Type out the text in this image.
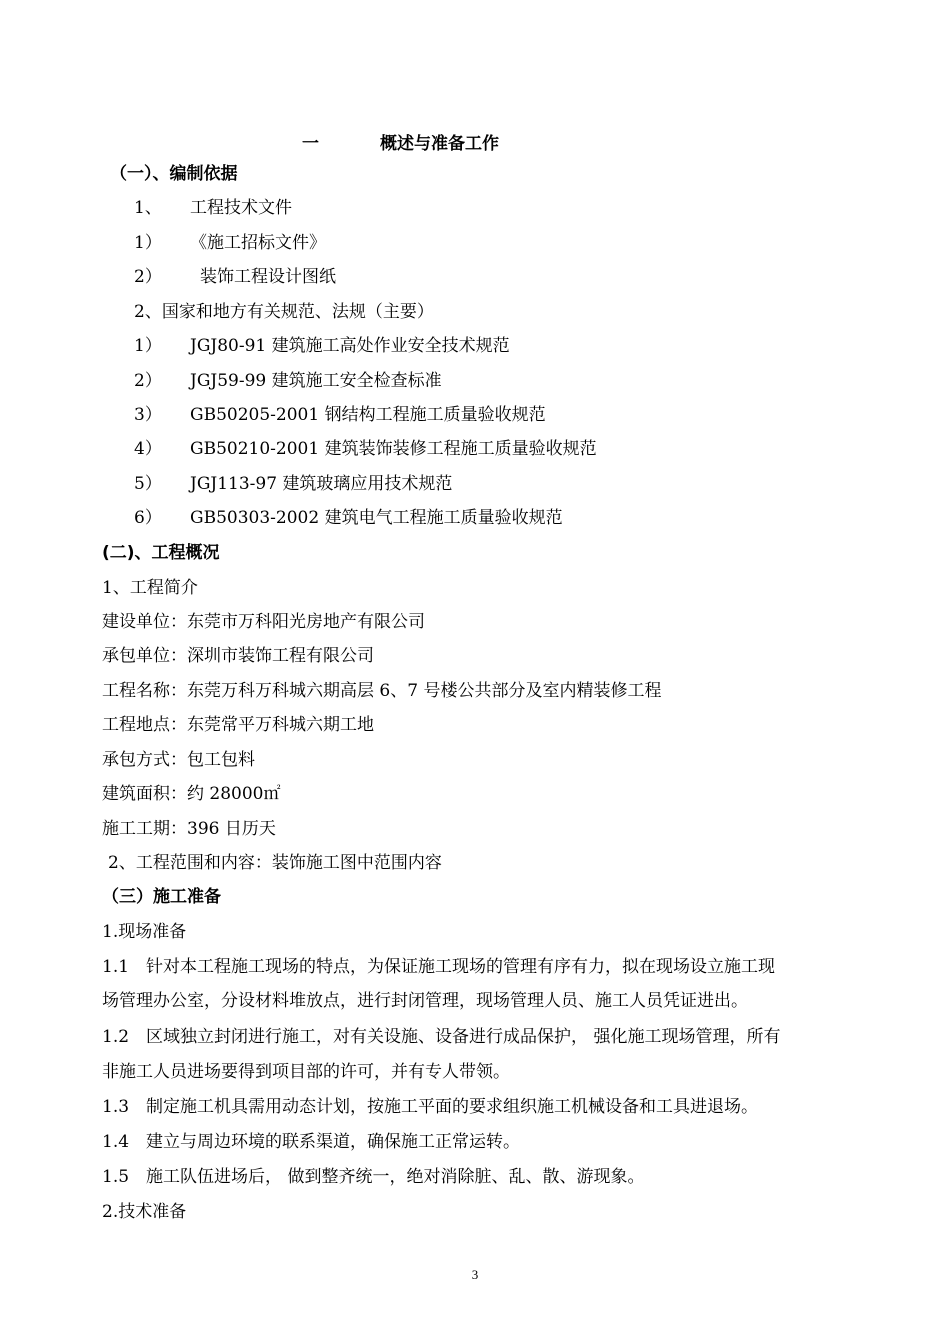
一	概述与准备工作
（一）、编制依据
1、 工程技术文件
1） 《施工招标文件》
2） 装饰工程设计图纸
2、国家和地方有关规范、法规（主要）
1） JGJ80-91 建筑施工高处作业安全技术规范
2） JGJ59-99 建筑施工安全检查标准
3） GB50205-2001 钢结构工程施工质量验收规范
4） GB50210-2001 建筑装饰装修工程施工质量验收规范
5） JGJ113-97 建筑玻璃应用技术规范
6） GB50303-2002 建筑电气工程施工质量验收规范
(二)、工程概况
1、工程简介
建设单位：东莞市万科阳光房地产有限公司
承包单位：深圳市装饰工程有限公司
工程名称：东莞万科万科城六期高层 6、7 号楼公共部分及室内精装修工程
工程地点：东莞常平万科城六期工地
承包方式：包工包料
建筑面积：约 28000㎡
施工工期：396 日历天
2、工程范围和内容：装饰施工图中范围内容
（三）施工准备
1.现场准备
1.1　针对本工程施工现场的特点，为保证施工现场的管理有序有力，拟在现场设立施工现
场管理办公室，分设材料堆放点，进行封闭管理，现场管理人员、施工人员凭证进出。
1.2　区域独立封闭进行施工，对有关设施、设备进行成品保护， 强化施工现场管理，所有
非施工人员进场要得到项目部的许可，并有专人带领。
1.3　制定施工机具需用动态计划，按施工平面的要求组织施工机械设备和工具进退场。
1.4　建立与周边环境的联系渠道，确保施工正常运转。
1.5　施工队伍进场后， 做到整齐统一，绝对消除脏、乱、散、游现象。
2.技术准备
3
